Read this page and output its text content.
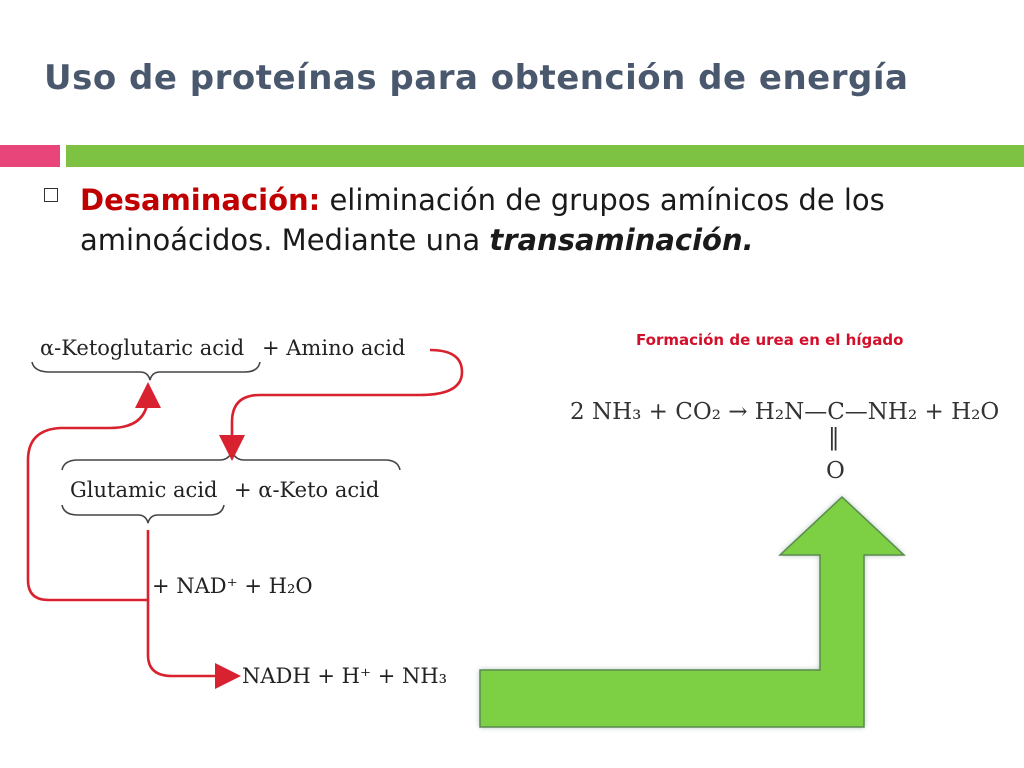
Uso de proteínas para obtención de energía
Desaminación: eliminación de grupos amínicos de los aminoácidos. Mediante una transaminación.
Formación de urea en el hígado
α-Ketoglutaric acid + Amino acid
Glutamic acid + α-Keto acid
+ NAD⁺ + H₂O
NADH + H⁺ + NH₃
2 NH₃ + CO₂ → H₂N—C—NH₂ + H₂O
‖
O
